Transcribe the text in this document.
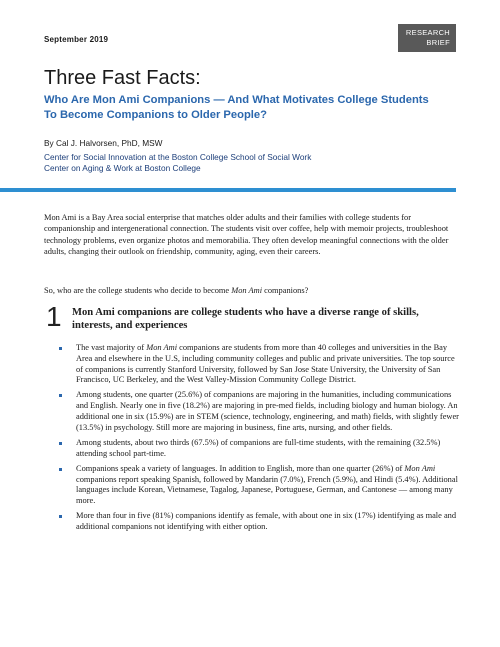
September 2019
RESEARCH
BRIEF
Three Fast Facts:
Who Are Mon Ami Companions — And What Motivates College Students To Become Companions to Older People?
By Cal J. Halvorsen, PhD, MSW
Center for Social Innovation at the Boston College School of Social Work
Center on Aging & Work at Boston College

Mon Ami is a Bay Area social enterprise that matches older adults and their families with college students for companionship and intergenerational connection. The students visit over coffee, help with memoir projects, troubleshoot technology problems, even organize photos and memorabilia. They often develop meaningful connections with the older adults, changing their outlook on friendship, community, aging, even their careers.

So, who are the college students who decide to become Mon Ami companions?

1 Mon Ami companions are college students who have a diverse range of skills, interests, and experiences
The vast majority of Mon Ami companions are students from more than 40 colleges and universities in the Bay Area and elsewhere in the U.S, including community colleges and public and private universities. The top source of companions is currently Stanford University, followed by San Jose State University, the University of San Francisco, UC Berkeley, and the West Valley-Mission Community College District.
Among students, one quarter (25.6%) of companions are majoring in the humanities, including communications and English. Nearly one in five (18.2%) are majoring in pre-med fields, including biology and human biology. An additional one in six (15.9%) are in STEM (science, technology, engineering, and math) fields, with slightly fewer (13.5%) in psychology. Still more are majoring in business, fine arts, nursing, and other fields.
Among students, about two thirds (67.5%) of companions are full-time students, with the remaining (32.5%) attending school part-time.
Companions speak a variety of languages. In addition to English, more than one quarter (26%) of Mon Ami companions report speaking Spanish, followed by Mandarin (7.0%), French (5.9%), and Hindi (5.4%). Additional languages include Korean, Vietnamese, Tagalog, Japanese, Portuguese, German, and Cantonese — among many more.
More than four in five (81%) companions identify as female, with about one in six (17%) identifying as male and additional companions not identifying with either option.
